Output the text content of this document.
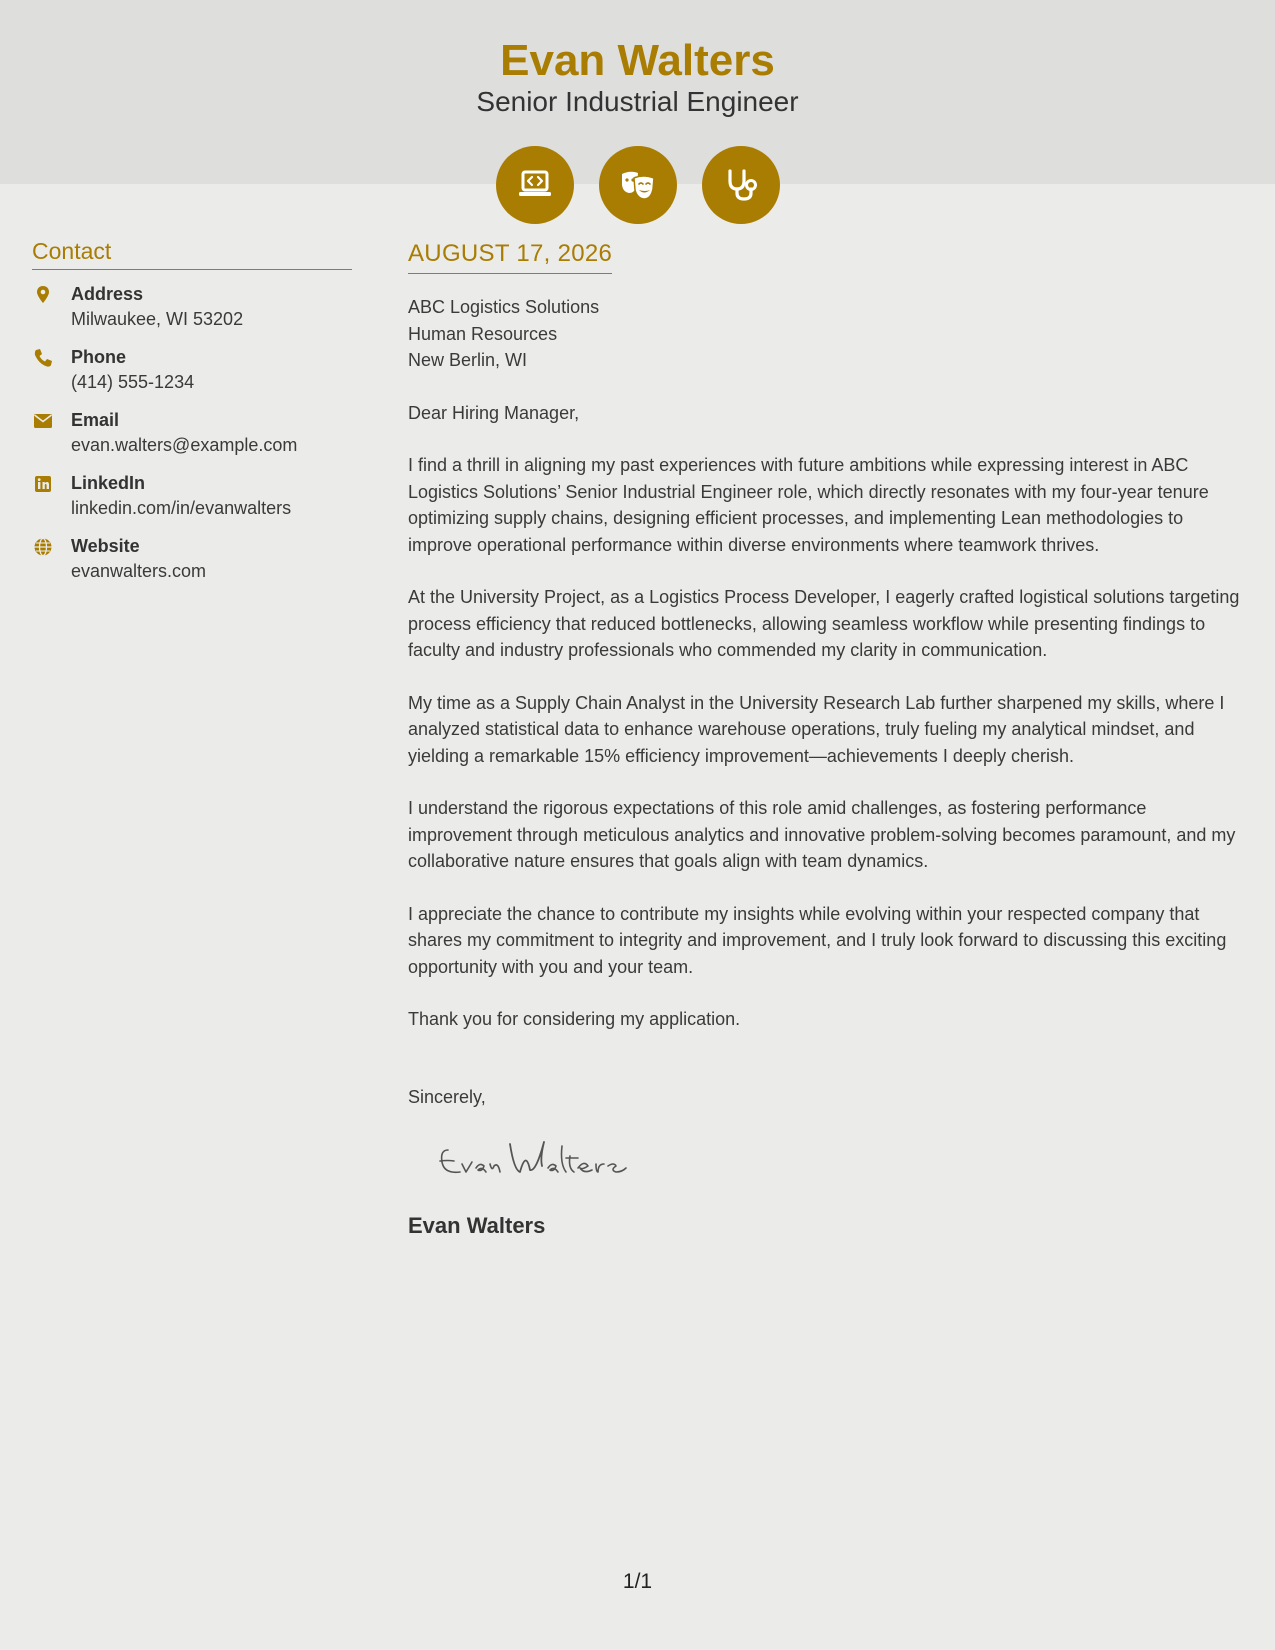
Evan Walters
Senior Industrial Engineer
Contact
Address
Milwaukee, WI 53202
Phone
(414) 555-1234
Email
evan.walters@example.com
LinkedIn
linkedin.com/in/evanwalters
Website
evanwalters.com
AUGUST 17, 2026
ABC Logistics Solutions
Human Resources
New Berlin, WI

Dear Hiring Manager,

I find a thrill in aligning my past experiences with future ambitions while expressing interest in ABC Logistics Solutions’ Senior Industrial Engineer role, which directly resonates with my four-year tenure optimizing supply chains, designing efficient processes, and implementing Lean methodologies to improve operational performance within diverse environments where teamwork thrives.

At the University Project, as a Logistics Process Developer, I eagerly crafted logistical solutions targeting process efficiency that reduced bottlenecks, allowing seamless workflow while presenting findings to faculty and industry professionals who commended my clarity in communication.

My time as a Supply Chain Analyst in the University Research Lab further sharpened my skills, where I analyzed statistical data to enhance warehouse operations, truly fueling my analytical mindset, and yielding a remarkable 15% efficiency improvement—achievements I deeply cherish.

I understand the rigorous expectations of this role amid challenges, as fostering performance improvement through meticulous analytics and innovative problem-solving becomes paramount, and my collaborative nature ensures that goals align with team dynamics.

I appreciate the chance to contribute my insights while evolving within your respected company that shares my commitment to integrity and improvement, and I truly look forward to discussing this exciting opportunity with you and your team.

Thank you for considering my application.

Sincerely,
Evan Walters
1/1
